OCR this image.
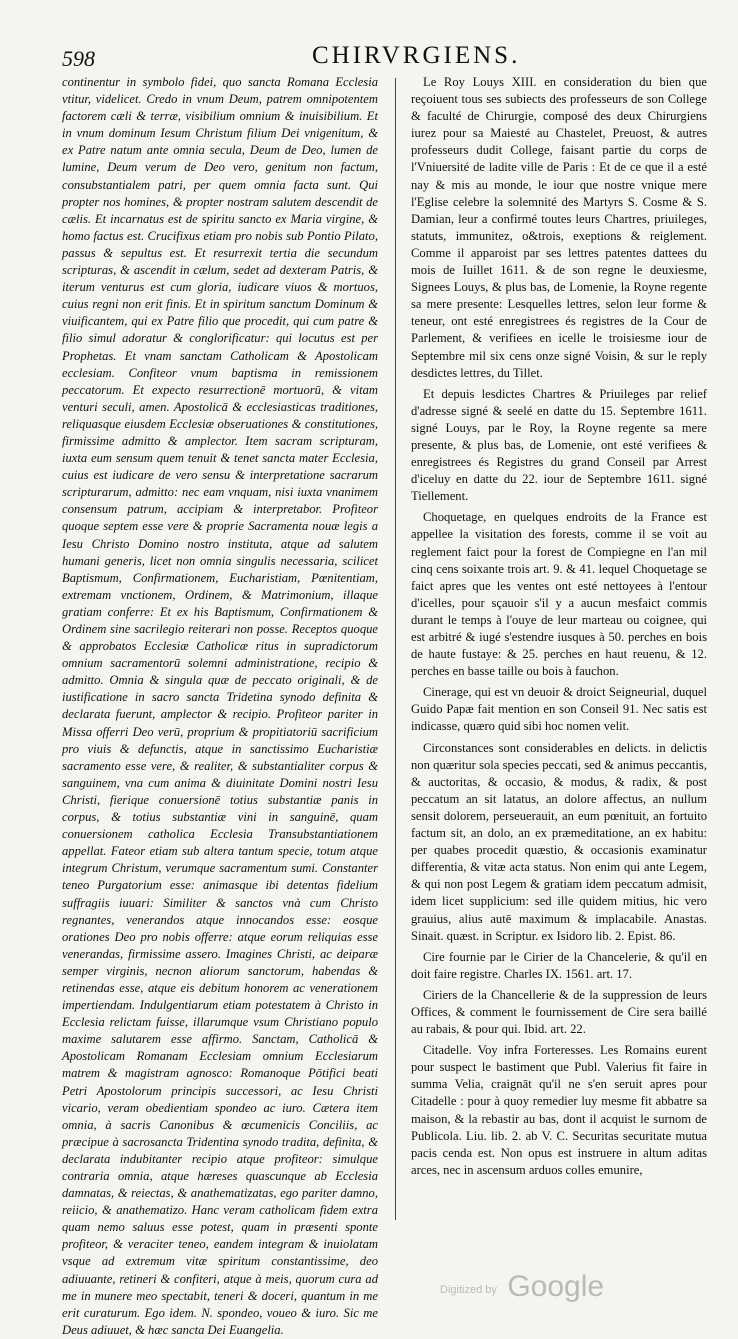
598	CHIRVRGIENS.

continentur in symbolo fidei, quo sancta Romana Ecclesia vtitur, videlicet. Credo in vnum Deum, patrem omnipotentem factorem cæli & terræ, visibilium omnium & inuisibilium. Et in vnum dominum Iesum Christum filium Dei vnigenitum, & ex Patre natum ante omnia secula, Deum de Deo, lumen de lumine, Deum verum de Deo vero, genitum non factum, consubstantialem patri, per quem omnia facta sunt. Qui propter nos homines, & propter nostram salutem descendit de cælis. Et incarnatus est de spiritu sancto ex Maria virgine, & homo factus est. Crucifixus etiam pro nobis sub Pontio Pilato, passus & sepultus est. Et resurrexit tertia die secundum scripturas, & ascendit in cælum, sedet ad dexteram Patris, & iterum venturus est cum gloria, iudicare viuos & mortuos, cuius regni non erit finis. Et in spiritum sanctum Dominum & viuificantem, qui ex Patre filio que procedit, qui cum patre & filio simul adoratur & conglorificatur: qui locutus est per Prophetas. Et vnam sanctam Catholicam & Apostolicam ecclesiam. Confiteor vnum baptisma in remissionem peccatorum. Et expecto resurrectionē mortuorū, & vitam venturi seculi, amen. Apostolicā & ecclesiasticas traditiones, reliquasque eiusdem Ecclesiæ obseruationes & constitutiones, firmissime admitto & amplector. Item sacram scripturam, iuxta eum sensum quem tenuit & tenet sancta mater Ecclesia, cuius est iudicare de vero sensu & interpretatione sacrarum scripturarum, admitto: nec eam vnquam, nisi iuxta vnanimem consensum patrum, accipiam & interpretabor. Profiteor quoque septem esse vere & proprie Sacramenta nouæ legis a Iesu Christo Domino nostro instituta, atque ad salutem humani generis, licet non omnia singulis necessaria, scilicet Baptismum, Confirmationem, Eucharistiam, Pœnitentiam, extremam vnctionem, Ordinem, & Matrimonium, illaque gratiam conferre: Et ex his Baptismum, Confirmationem & Ordinem sine sacrilegio reiterari non posse. Receptos quoque & approbatos Ecclesiæ Catholicæ ritus in supradictorum omnium sacramentorū solemni administratione, recipio & admitto. Omnia & singula quæ de peccato originali, & de iustificatione in sacro sancta Tridetina synodo definita & declarata fuerunt, amplector & recipio. Profiteor pariter in Missa offerri Deo verū, proprium & propitiatoriū sacrificium pro viuis & defunctis, atque in sanctissimo Eucharistiæ sacramento esse vere, & realiter, & substantialiter corpus & sanguinem, vna cum anima & diuinitate Domini nostri Iesu Christi, fierique conuersionē totius substantiæ panis in corpus, & totius substantiæ vini in sanguinē, quam conuersionem catholica Ecclesia Transubstantiationem appellat. Fateor etiam sub altera tantum specie, totum atque integrum Christum, verumque sacramentum sumi. Constanter teneo Purgatorium esse: animasque ibi detentas fidelium suffragiis iuuari: Similiter & sanctos vnà cum Christo regnantes, venerandos atque innocandos esse: eosque orationes Deo pro nobis offerre: atque eorum reliquias esse venerandas, firmissime assero. Imagines Christi, ac deiparæ semper virginis, necnon aliorum sanctorum, habendas & retinendas esse, atque eis debitum honorem ac venerationem impertiendam. Indulgentiarum etiam potestatem à Christo in Ecclesia relictam fuisse, illarumque vsum Christiano populo maxime salutarem esse affirmo. Sanctam, Catholicā & Apostolicam Romanam Ecclesiam omnium Ecclesiarum matrem & magistram agnosco: Romanoque Pōtifici beati Petri Apostolorum principis successori, ac Iesu Christi vicario, veram obedientiam spondeo ac iuro. Cætera item omnia, à sacris Canonibus & œcumenicis Conciliis, ac præcipue à sacrosancta Tridentina synodo tradita, definita, & declarata indubitanter recipio atque profiteor: simulque contraria omnia, atque hæreses quascunque ab Ecclesia damnatas, & reiectas, & anathematizatas, ego pariter damno, reiicio, & anathematizo. Hanc veram catholicam fidem extra quam nemo saluus esse potest, quam in præsenti sponte profiteor, & veraciter teneo, eandem integram & inuiolatam vsque ad extremum vitæ spiritum constantissime, deo adiuuante, retineri & confiteri, atque à meis, quorum cura ad me in munere meo spectabit, teneri & doceri, quantum in me erit curaturum. Ego idem. N. spondeo, voueo & iuro. Sic me Deus adiuuet, & hæc sancta Dei Euangelia.

Le Roy Louys XIII. en consideration du bien que reçoiuent tous ses subiects des professeurs de son College & faculté de Chirurgie, composé des deux Chirurgiens iurez pour sa Maiesté au Chastelet, Preuost, & autres professeurs dudit College, faisant partie du corps de l'Vniuersité de ladite ville de Paris : Et de ce que il a esté nay & mis au monde, le iour que nostre vnique mere l'Eglise celebre la solemnité des Martyrs S. Cosme & S. Damian, leur a confirmé toutes leurs Chartres, priuileges, statuts, immunitez, o&trois, exeptions & reiglement. Comme il apparoist par ses lettres patentes dattees du mois de Iuillet 1611. & de son regne le deuxiesme, Signees Louys, & plus bas, de Lomenie, la Royne regente sa mere presente: Lesquelles lettres, selon leur forme & teneur, ont esté enregistrees és registres de la Cour de Parlement, & verifiees en icelle le troisiesme iour de Septembre mil six cens onze signé Voisin, & sur le reply desdictes lettres, du Tillet.

Et depuis lesdictes Chartres & Priuileges par relief d'adresse signé & seelé en datte du 15. Septembre 1611. signé Louys, par le Roy, la Royne regente sa mere presente, & plus bas, de Lomenie, ont esté verifiees & enregistrees és Registres du grand Conseil par Arrest d'iceluy en datte du 22. iour de Septembre 1611. signé Tiellement.

Choquetage, en quelques endroits de la France est appellee la visitation des forests, comme il se voit au reglement faict pour la forest de Compiegne en l'an mil cinq cens soixante trois art. 9. & 41. lequel Choquetage se faict apres que les ventes ont esté nettoyees à l'entour d'icelles, pour sçauoir s'il y a aucun mesfaict commis durant le temps à l'ouye de leur marteau ou coignee, qui est arbitré & iugé s'estendre iusques à 50. perches en bois de haute fustaye: & 25. perches en haut reuenu, & 12. perches en basse taille ou bois à fauchon.

Cinerage, qui est vn deuoir & droict Seigneurial, duquel Guido Papæ fait mention en son Conseil 91. Nec satis est indicasse, quæro quid sibi hoc nomen velit.

Circonstances sont considerables en delicts. in delictis non quæritur sola species peccati, sed & animus peccantis, & auctoritas, & occasio, & modus, & radix, & post peccatum an sit latatus, an dolore affectus, an nullum sensit dolorem, perseuerauit, an eum pœnituit, an fortuito factum sit, an dolo, an ex præmeditatione, an ex habitu: per quabes procedit quæstio, & occasionis examinatur differentia, & vitæ acta status. Non enim qui ante Legem, & qui non post Legem & gratiam idem peccatum admisit, idem licet supplicium: sed ille quidem mitius, hic vero grauius, alius autē maximum & implacabile. Anastas. Sinait. quæst. in Scriptur. ex Isidoro lib. 2. Epist. 86.

Cire fournie par le Cirier de la Chancelerie, & qu'il en doit faire registre. Charles IX. 1561. art. 17.

Ciriers de la Chancellerie & de la suppression de leurs Offices, & comment le fournissement de Cire sera baillé au rabais, & pour qui. Ibid. art. 22.

Citadelle. Voy infra Forteresses. Les Romains eurent pour suspect le bastiment que Publ. Valerius fit faire in summa Velia, craignāt qu'il ne s'en seruit apres pour Citadelle : pour à quoy remedier luy mesme fit abbatre sa maison, & la rebastir au bas, dont il acquist le surnom de Publicola. Liu. lib. 2. ab V. C. Securitas securitate mutua pacis cenda est. Non opus est instruere in altum aditas arces, nec in ascensum arduos colles emunire,

Digitized by Google
